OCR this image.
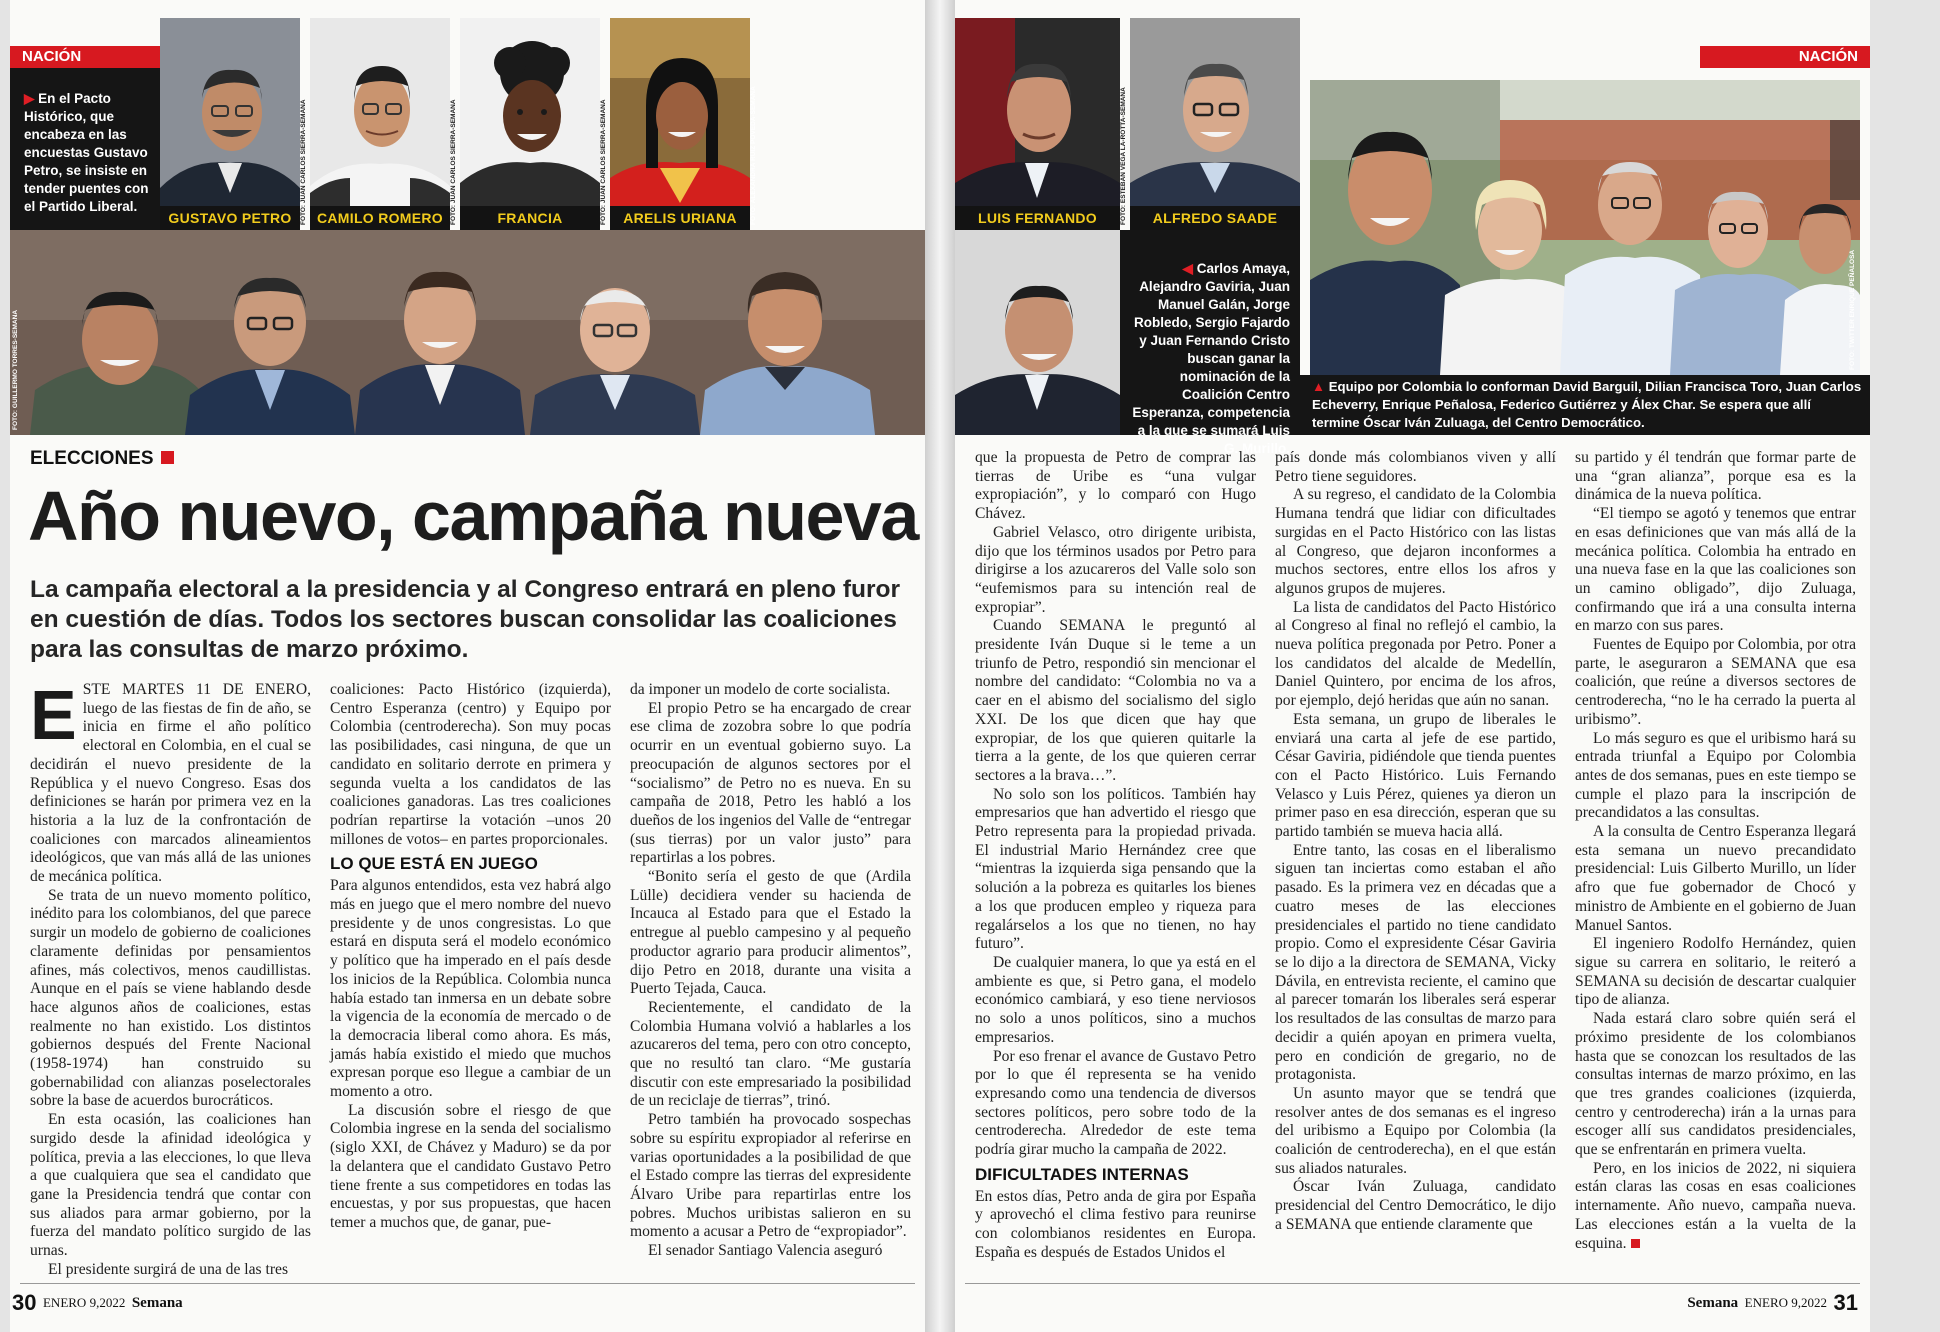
NACIÓN
▶ En el Pacto Histórico, que encabeza en las encuestas Gustavo Petro, se insiste en tender puentes con el Partido Liberal.
GUSTAVO PETRO	FOTO: JUAN CARLOS SIERRA-SEMANA CAMILO ROMERO	FOTO: JUAN CARLOS SIERRA-SEMANA	FRANCIA	FOTO: JUAN CARLOS SIERRA-SEMANA	ARELIS URIANA	FOTO: ALEXANDRA RUIZ POVEDA-SEMANA
FOTO: GUILLERMO TORRES-SEMANA
ELECCIONES
Año nuevo, campaña nueva
La campaña electoral a la presidencia y al Congreso entrará en pleno furor en cuestión de días. Todos los sectores buscan consolidar las coaliciones para las consultas de marzo próximo.

ESTE MARTES 11 DE ENERO, luego de las fiestas de fin de año, se inicia en firme el año político electoral en Colombia, en el cual se decidirán el nuevo presidente de la República y el nuevo Congreso. Esas dos definiciones se harán por primera vez en la historia a la luz de la confrontación de coaliciones con marcados alineamientos ideológicos, que van más allá de las uniones de mecánica política.

Se trata de un nuevo momento político, inédito para los colombianos, del que parece surgir un modelo de gobierno de coaliciones claramente definidas por pensamientos afines, más colectivos, menos caudillistas. Aunque en el país se viene hablando desde hace algunos años de coaliciones, estas realmente no han existido. Los distintos gobiernos después del Frente Nacional (1958-1974) han construido su gobernabilidad con alianzas poselectorales sobre la base de acuerdos burocráticos.

En esta ocasión, las coaliciones han surgido desde la afinidad ideológica y política, previa a las elecciones, lo que lleva a que cualquiera que sea el candidato que gane la Presidencia tendrá que contar con sus aliados para armar gobierno, por la fuerza del mandato político surgido de las urnas.

El presidente surgirá de una de las tres

coaliciones: Pacto Histórico (izquierda), Centro Esperanza (centro) y Equipo por Colombia (centroderecha). Son muy pocas las posibilidades, casi ninguna, de que un candidato en solitario derrote en primera y segunda vuelta a los candidatos de las coaliciones ganadoras. Las tres coaliciones podrían repartirse la votación –unos 20 millones de votos– en partes proporcionales.

LO QUE ESTÁ EN JUEGO

Para algunos entendidos, esta vez habrá algo más en juego que el mero nombre del nuevo presidente y de unos congresistas. Lo que estará en disputa será el modelo económico y político que ha imperado en el país desde los inicios de la República. Colombia nunca había estado tan inmersa en un debate sobre la vigencia de la economía de mercado o de la democracia liberal como ahora. Es más, jamás había existido el miedo que muchos expresan porque eso llegue a cambiar de un momento a otro.

La discusión sobre el riesgo de que Colombia ingrese en la senda del socialismo (siglo XXI, de Chávez y Maduro) se da por la delantera que el candidato Gustavo Petro tiene frente a sus competidores en todas las encuestas, y por sus propuestas, que hacen temer a muchos que, de ganar, pue-

da imponer un modelo de corte socialista.

El propio Petro se ha encargado de crear ese clima de zozobra sobre lo que podría ocurrir en un eventual gobierno suyo. La preocupación de algunos sectores por el “socialismo” de Petro no es nueva. En su campaña de 2018, Petro les habló a los dueños de los ingenios del Valle de “entregar (sus tierras) por un valor justo” para repartirlas a los pobres.

“Bonito sería el gesto de que (Ardila Lülle) decidiera vender su hacienda de Incauca al Estado para que el Estado la entregue al pueblo campesino y al pequeño productor agrario para producir alimentos”, dijo Petro en 2018, durante una visita a Puerto Tejada, Cauca.

Recientemente, el candidato de la Colombia Humana volvió a hablarles a los azucareros del tema, pero con otro concepto, que no resultó tan claro. “Me gustaría discutir con este empresariado la posibilidad de un reciclaje de tierras”, trinó.

Petro también ha provocado sospechas sobre su espíritu expropiador al referirse en varias oportunidades a la posibilidad de que el Estado compre las tierras del expresidente Álvaro Uribe para repartirlas entre los pobres. Muchos uribistas salieron en su momento a acusar a Petro de “expropiador”.

El senador Santiago Valencia aseguró

30 ENERO 9,2022 Semana
NACIÓN
LUIS FERNANDO	FOTO: ESTEBAN VEGA LA-ROTTA-SEMANA	ALFREDO SAADE
◀ Carlos Amaya, Alejandro Gaviria, Juan Manuel Galán, Jorge Robledo, Sergio Fajardo y Juan Fernando Cristo buscan ganar la nominación de la Coalición Centro Esperanza, competencia a la que se sumará Luis G. Murillo.
FOTO: TWITTER ENRIQUE PEÑALOSA
▲ Equipo por Colombia lo conforman David Barguil, Dilian Francisca Toro, Juan Carlos Echeverry, Enrique Peñalosa, Federico Gutiérrez y Álex Char. Se espera que allí termine Óscar Iván Zuluaga, del Centro Democrático.

que la propuesta de Petro de comprar las tierras de Uribe es “una vulgar expropiación”, y lo comparó con Hugo Chávez.

Gabriel Velasco, otro dirigente uribista, dijo que los términos usados por Petro para dirigirse a los azucareros del Valle solo son “eufemismos para su intención real de expropiar”.

Cuando SEMANA le preguntó al presidente Iván Duque si le teme a un triunfo de Petro, respondió sin mencionar el nombre del candidato: “Colombia no va a caer en el abismo del socialismo del siglo XXI. De los que dicen que hay que expropiar, de los que quieren quitarle la tierra a la gente, de los que quieren cerrar sectores a la brava…”.

No solo son los políticos. También hay empresarios que han advertido el riesgo que Petro representa para la propiedad privada. El industrial Mario Hernández cree que “mientras la izquierda siga pensando que la solución a la pobreza es quitarles los bienes a los que producen empleo y riqueza para regalárselos a los que no tienen, no hay futuro”.

De cualquier manera, lo que ya está en el ambiente es que, si Petro gana, el modelo económico cambiará, y eso tiene nerviosos no solo a unos políticos, sino a muchos empresarios.

Por eso frenar el avance de Gustavo Petro por lo que él representa se ha venido expresando como una tendencia de diversos sectores políticos, pero sobre todo de la centroderecha. Alrededor de este tema podría girar mucho la campaña de 2022.

DIFICULTADES INTERNAS

En estos días, Petro anda de gira por España y aprovechó el clima festivo para reunirse con colombianos residentes en Europa. España es después de Estados Unidos el

país donde más colombianos viven y allí Petro tiene seguidores.

A su regreso, el candidato de la Colombia Humana tendrá que lidiar con dificultades surgidas en el Pacto Histórico con las listas al Congreso, que dejaron inconformes a muchos sectores, entre ellos los afros y algunos grupos de mujeres.

La lista de candidatos del Pacto Histórico al Congreso al final no reflejó el cambio, la nueva política pregonada por Petro. Poner a los candidatos del alcalde de Medellín, Daniel Quintero, por encima de los afros, por ejemplo, dejó heridas que aún no sanan.

Esta semana, un grupo de liberales le enviará una carta al jefe de ese partido, César Gaviria, pidiéndole que tienda puentes con el Pacto Histórico. Luis Fernando Velasco y Luis Pérez, quienes ya dieron un primer paso en esa dirección, esperan que su partido también se mueva hacia allá.

Entre tanto, las cosas en el liberalismo siguen tan inciertas como estaban el año pasado. Es la primera vez en décadas que a cuatro meses de las elecciones presidenciales el partido no tiene candidato propio. Como el expresidente César Gaviria se lo dijo a la directora de SEMANA, Vicky Dávila, en entrevista reciente, el camino que al parecer tomarán los liberales será esperar los resultados de las consultas de marzo para decidir a quién apoyan en primera vuelta, pero en condición de gregario, no de protagonista.

Un asunto mayor que se tendrá que resolver antes de dos semanas es el ingreso del uribismo a Equipo por Colombia (la coalición de centroderecha), en el que están sus aliados naturales.

Óscar Iván Zuluaga, candidato presidencial del Centro Democrático, le dijo a SEMANA que entiende claramente que

su partido y él tendrán que formar parte de una “gran alianza”, porque esa es la dinámica de la nueva política.

“El tiempo se agotó y tenemos que entrar en esas definiciones que van más allá de la mecánica política. Colombia ha entrado en una nueva fase en la que las coaliciones son un camino obligado”, dijo Zuluaga, confirmando que irá a una consulta interna en marzo con sus pares.

Fuentes de Equipo por Colombia, por otra parte, le aseguraron a SEMANA que esa coalición, que reúne a diversos sectores de centroderecha, “no le ha cerrado la puerta al uribismo”.

Lo más seguro es que el uribismo hará su entrada triunfal a Equipo por Colombia antes de dos semanas, pues en este tiempo se cumple el plazo para la inscripción de precandidatos a las consultas.

A la consulta de Centro Esperanza llegará esta semana un nuevo precandidato presidencial: Luis Gilberto Murillo, un líder afro que fue gobernador de Chocó y ministro de Ambiente en el gobierno de Juan Manuel Santos.

El ingeniero Rodolfo Hernández, quien sigue su carrera en solitario, le reiteró a SEMANA su decisión de descartar cualquier tipo de alianza.

Nada estará claro sobre quién será el próximo presidente de los colombianos hasta que se conozcan los resultados de las consultas internas de marzo próximo, en las que tres grandes coaliciones (izquierda, centro y centroderecha) irán a la urnas para escoger allí sus candidatos presidenciales, que se enfrentarán en primera vuelta.

Pero, en los inicios de 2022, ni siquiera están claras las cosas en esas coaliciones internamente. Año nuevo, campaña nueva. Las elecciones están a la vuelta de la esquina.

Semana ENERO 9,2022 31
